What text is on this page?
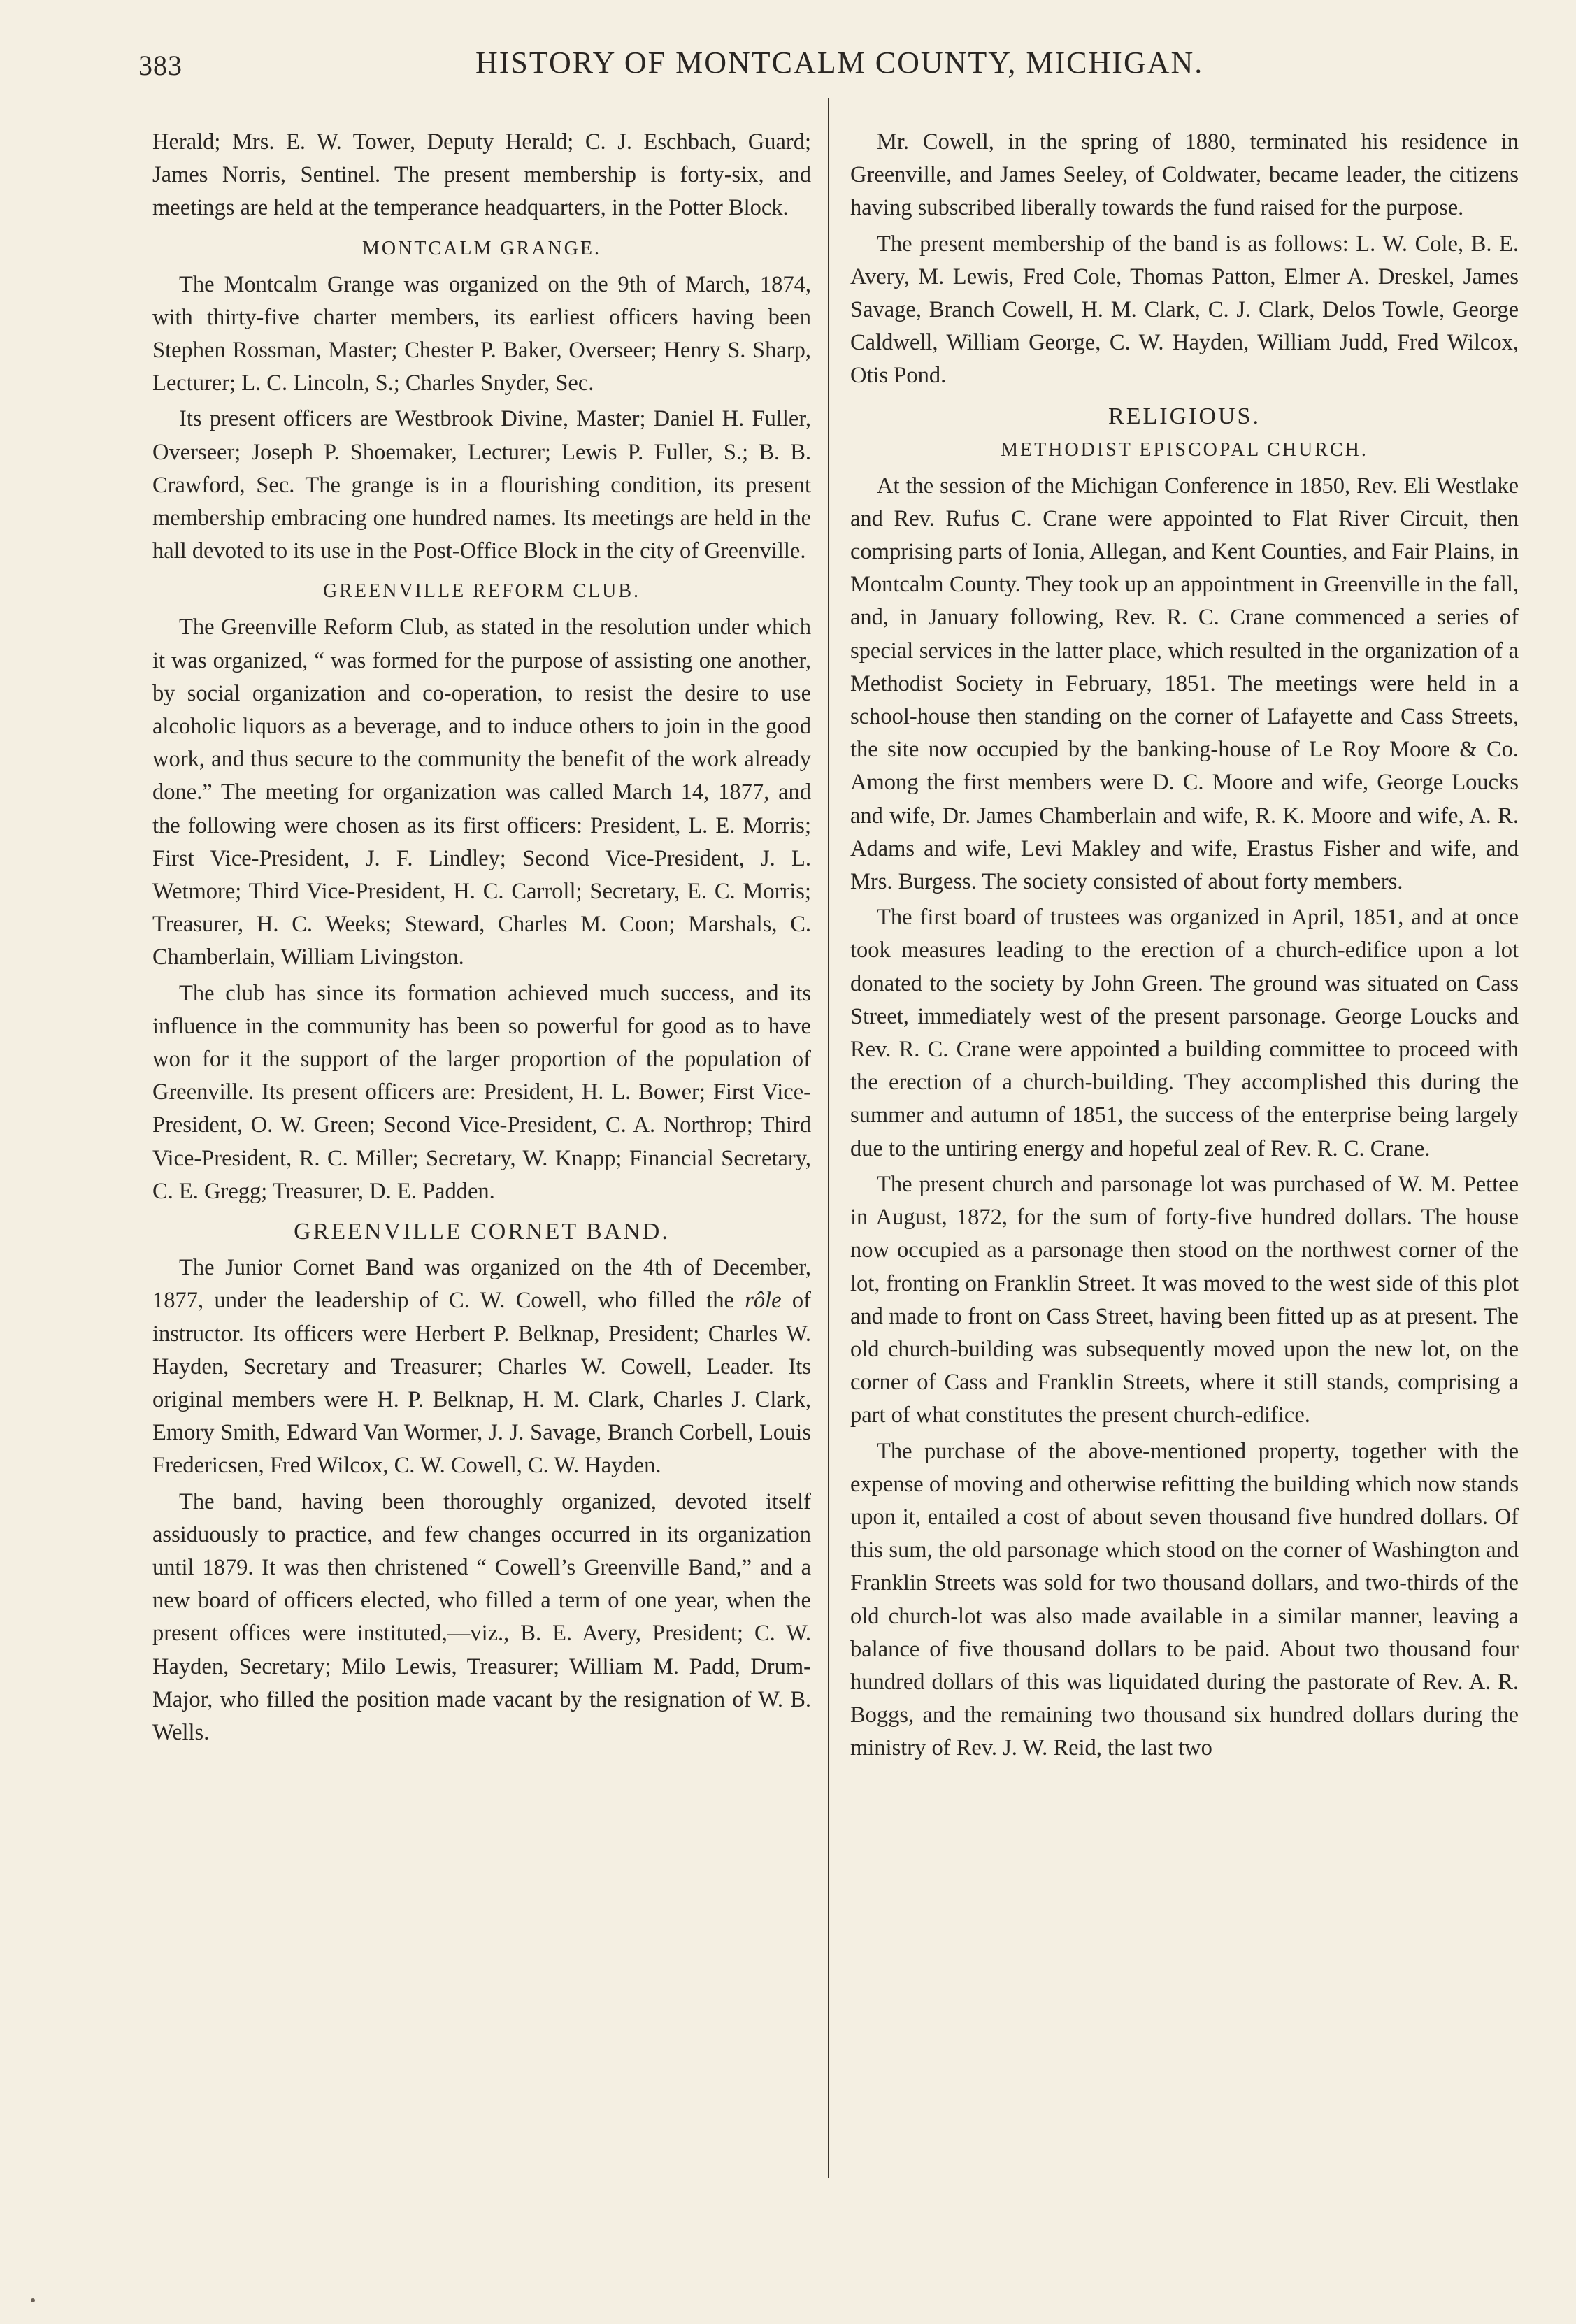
383	HISTORY OF MONTCALM COUNTY, MICHIGAN.

Herald; Mrs. E. W. Tower, Deputy Herald; C. J. Eschbach, Guard; James Norris, Sentinel. The present membership is forty-six, and meetings are held at the temperance headquarters, in the Potter Block.

MONTCALM GRANGE.

The Montcalm Grange was organized on the 9th of March, 1874, with thirty-five charter members, its earliest officers having been Stephen Rossman, Master; Chester P. Baker, Overseer; Henry S. Sharp, Lecturer; L. C. Lincoln, S.; Charles Snyder, Sec.

Its present officers are Westbrook Divine, Master; Daniel H. Fuller, Overseer; Joseph P. Shoemaker, Lecturer; Lewis P. Fuller, S.; B. B. Crawford, Sec. The grange is in a flourishing condition, its present membership embracing one hundred names. Its meetings are held in the hall devoted to its use in the Post-Office Block in the city of Greenville.

GREENVILLE REFORM CLUB.

The Greenville Reform Club, as stated in the resolution under which it was organized, “ was formed for the purpose of assisting one another, by social organization and co-operation, to resist the desire to use alcoholic liquors as a beverage, and to induce others to join in the good work, and thus secure to the community the benefit of the work already done.” The meeting for organization was called March 14, 1877, and the following were chosen as its first officers: President, L. E. Morris; First Vice-President, J. F. Lindley; Second Vice-President, J. L. Wetmore; Third Vice-President, H. C. Carroll; Secretary, E. C. Morris; Treasurer, H. C. Weeks; Steward, Charles M. Coon; Marshals, C. Chamberlain, William Livingston.

The club has since its formation achieved much success, and its influence in the community has been so powerful for good as to have won for it the support of the larger proportion of the population of Greenville. Its present officers are: President, H. L. Bower; First Vice-President, O. W. Green; Second Vice-President, C. A. Northrop; Third Vice-President, R. C. Miller; Secretary, W. Knapp; Financial Secretary, C. E. Gregg; Treasurer, D. E. Padden.

GREENVILLE CORNET BAND.

The Junior Cornet Band was organized on the 4th of December, 1877, under the leadership of C. W. Cowell, who filled the rôle of instructor. Its officers were Herbert P. Belknap, President; Charles W. Hayden, Secretary and Treasurer; Charles W. Cowell, Leader. Its original members were H. P. Belknap, H. M. Clark, Charles J. Clark, Emory Smith, Edward Van Wormer, J. J. Savage, Branch Corbell, Louis Fredericsen, Fred Wilcox, C. W. Cowell, C. W. Hayden.

The band, having been thoroughly organized, devoted itself assiduously to practice, and few changes occurred in its organization until 1879. It was then christened “ Cowell’s Greenville Band,” and a new board of officers elected, who filled a term of one year, when the present offices were instituted,—viz., B. E. Avery, President; C. W. Hayden, Secretary; Milo Lewis, Treasurer; William M. Padd, Drum-Major, who filled the position made vacant by the resignation of W. B. Wells.

Mr. Cowell, in the spring of 1880, terminated his residence in Greenville, and James Seeley, of Coldwater, became leader, the citizens having subscribed liberally towards the fund raised for the purpose.

The present membership of the band is as follows: L. W. Cole, B. E. Avery, M. Lewis, Fred Cole, Thomas Patton, Elmer A. Dreskel, James Savage, Branch Cowell, H. M. Clark, C. J. Clark, Delos Towle, George Caldwell, William George, C. W. Hayden, William Judd, Fred Wilcox, Otis Pond.

RELIGIOUS.
METHODIST EPISCOPAL CHURCH.

At the session of the Michigan Conference in 1850, Rev. Eli Westlake and Rev. Rufus C. Crane were appointed to Flat River Circuit, then comprising parts of Ionia, Allegan, and Kent Counties, and Fair Plains, in Montcalm County. They took up an appointment in Greenville in the fall, and, in January following, Rev. R. C. Crane commenced a series of special services in the latter place, which resulted in the organization of a Methodist Society in February, 1851. The meetings were held in a school-house then standing on the corner of Lafayette and Cass Streets, the site now occupied by the banking-house of Le Roy Moore & Co. Among the first members were D. C. Moore and wife, George Loucks and wife, Dr. James Chamberlain and wife, R. K. Moore and wife, A. R. Adams and wife, Levi Makley and wife, Erastus Fisher and wife, and Mrs. Burgess. The society consisted of about forty members.

The first board of trustees was organized in April, 1851, and at once took measures leading to the erection of a church-edifice upon a lot donated to the society by John Green. The ground was situated on Cass Street, immediately west of the present parsonage. George Loucks and Rev. R. C. Crane were appointed a building committee to proceed with the erection of a church-building. They accomplished this during the summer and autumn of 1851, the success of the enterprise being largely due to the untiring energy and hopeful zeal of Rev. R. C. Crane.

The present church and parsonage lot was purchased of W. M. Pettee in August, 1872, for the sum of forty-five hundred dollars. The house now occupied as a parsonage then stood on the northwest corner of the lot, fronting on Franklin Street. It was moved to the west side of this plot and made to front on Cass Street, having been fitted up as at present. The old church-building was subsequently moved upon the new lot, on the corner of Cass and Franklin Streets, where it still stands, comprising a part of what constitutes the present church-edifice.

The purchase of the above-mentioned property, together with the expense of moving and otherwise refitting the building which now stands upon it, entailed a cost of about seven thousand five hundred dollars. Of this sum, the old parsonage which stood on the corner of Washington and Franklin Streets was sold for two thousand dollars, and two-thirds of the old church-lot was also made available in a similar manner, leaving a balance of five thousand dollars to be paid. About two thousand four hundred dollars of this was liquidated during the pastorate of Rev. A. R. Boggs, and the remaining two thousand six hundred dollars during the ministry of Rev. J. W. Reid, the last two
